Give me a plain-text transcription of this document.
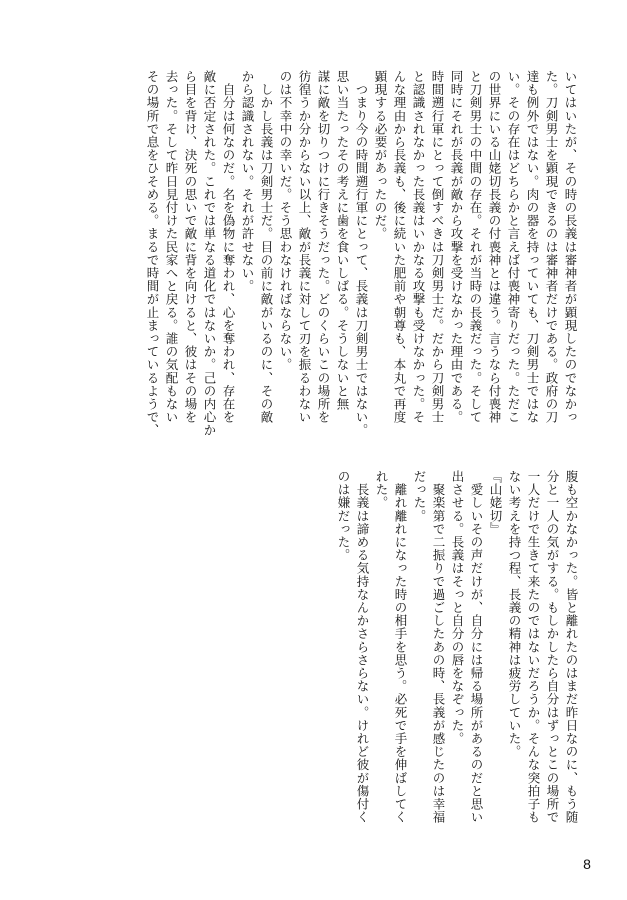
いてはいたが、その時の長義は審神者が顕現したのでなかっ

た。刀剣男士を顕現できるのは審神者だけである。政府の刀

達も例外ではない。肉の器を持っていても、刀剣男士ではな

い。その存在はどちらかと言えば付喪神寄りだった。ただこ

の世界にいる山姥切長義の付喪神とは違う。言うなら付喪神

と刀剣男士の中間の存在。それが当時の長義だった。そして

同時にそれが長義が敵から攻撃を受けなかった理由である。

時間遡行軍にとって倒すべきは刀剣男士だ。だから刀剣男士

と認識されなかった長義はいかなる攻撃も受けなかった。そ

んな理由から長義も、後に続いた肥前や朝尊も、本丸で再度

顕現する必要があったのだ。

　つまり今の時間遡行軍にとって、長義は刀剣男士ではない。

思い当たったその考えに歯を食いしばる。そうしないと無

謀に敵を切りつけに行きそうだった。どのくらいこの場所を

彷徨うか分からない以上、敵が長義に対して刃を振るわない

のは不幸中の幸いだ。そう思わなければならない。

　しかし長義は刀剣男士だ。目の前に敵がいるのに、その敵

から認識されない。それが許せない。

　自分は何なのだ。名を偽物に奪われ、心を奪われ、存在を

敵に否定された。これでは単なる道化ではないか。己の内心か

ら目を背け、決死の思いで敵に背を向けると、彼はその場を

去った。そして昨日見付けた民家へと戻る。誰の気配もない

その場所で息をひそめる。まるで時間が止まっているようで、

腹も空かなかった。皆と離れたのはまだ昨日なのに、もう随

分と一人の気がする。もしかしたら自分はずっとこの場所で

一人だけで生きて来たのではないだろうか。そんな突拍子も

ない考えを持つ程、長義の精神は疲労していた。

『山姥切』

　愛しいその声だけが、自分には帰る場所があるのだと思い

出させる。長義はそっと自分の唇をなぞった。

　聚楽第で二振りで過ごしたあの時、長義が感じたのは幸福

だった。

　離れ離れになった時の相手を思う。必死で手を伸ばしてく

れた。

　長義は諦める気持なんかさらさらない。けれど彼が傷付く

のは嫌だった。

8
